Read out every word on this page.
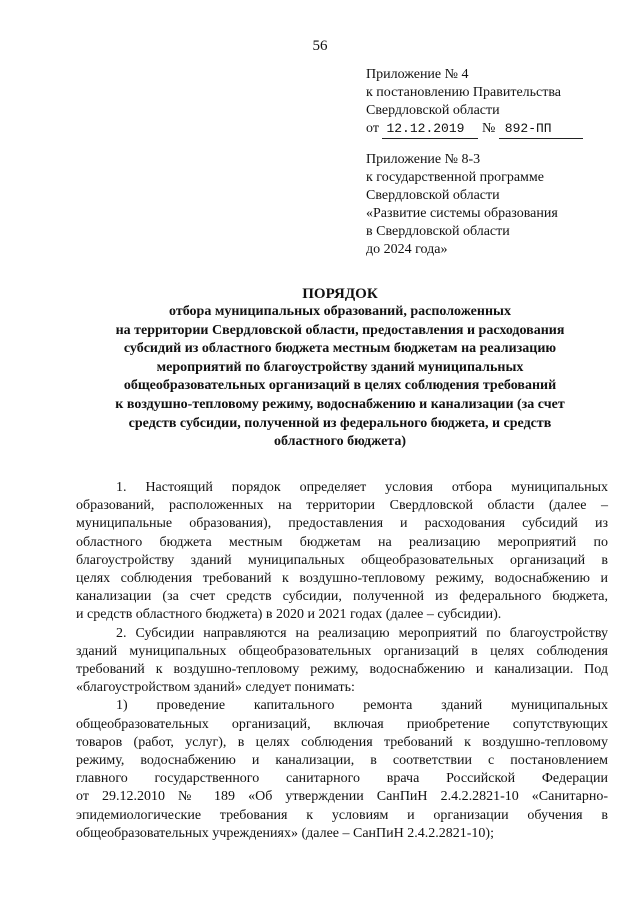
56
Приложение № 4
к постановлению Правительства
Свердловской области
от 12.12.2019 № 892-ПП
Приложение № 8-3
к государственной программе
Свердловской области
«Развитие системы образования
в Свердловской области
до 2024 года»
ПОРЯДОК
отбора муниципальных образований, расположенных
на территории Свердловской области, предоставления и расходования
субсидий из областного бюджета местным бюджетам на реализацию
мероприятий по благоустройству зданий муниципальных
общеобразовательных организаций в целях соблюдения требований
к воздушно-тепловому режиму, водоснабжению и канализации (за счет
средств субсидии, полученной из федерального бюджета, и средств
областного бюджета)
1. Настоящий порядок определяет условия отбора муниципальных
образований, расположенных на территории Свердловской области (далее –
муниципальные образования), предоставления и расходования субсидий из
областного бюджета местным бюджетам на реализацию мероприятий по
благоустройству зданий муниципальных общеобразовательных организаций в
целях соблюдения требований к воздушно-тепловому режиму, водоснабжению и
канализации (за счет средств субсидии, полученной из федерального бюджета,
и средств областного бюджета) в 2020 и 2021 годах (далее – субсидии).
2. Субсидии направляются на реализацию мероприятий по благоустройству
зданий муниципальных общеобразовательных организаций в целях соблюдения
требований к воздушно-тепловому режиму, водоснабжению и канализации. Под
«благоустройством зданий» следует понимать:
1) проведение капитального ремонта зданий муниципальных
общеобразовательных организаций, включая приобретение сопутствующих
товаров (работ, услуг), в целях соблюдения требований к воздушно-тепловому
режиму, водоснабжению и канализации, в соответствии с постановлением
главного государственного санитарного врача Российской Федерации
от 29.12.2010 № 189 «Об утверждении СанПиН 2.4.2.2821-10 «Санитарно-
эпидемиологические требования к условиям и организации обучения в
общеобразовательных учреждениях» (далее – СанПиН 2.4.2.2821-10);
